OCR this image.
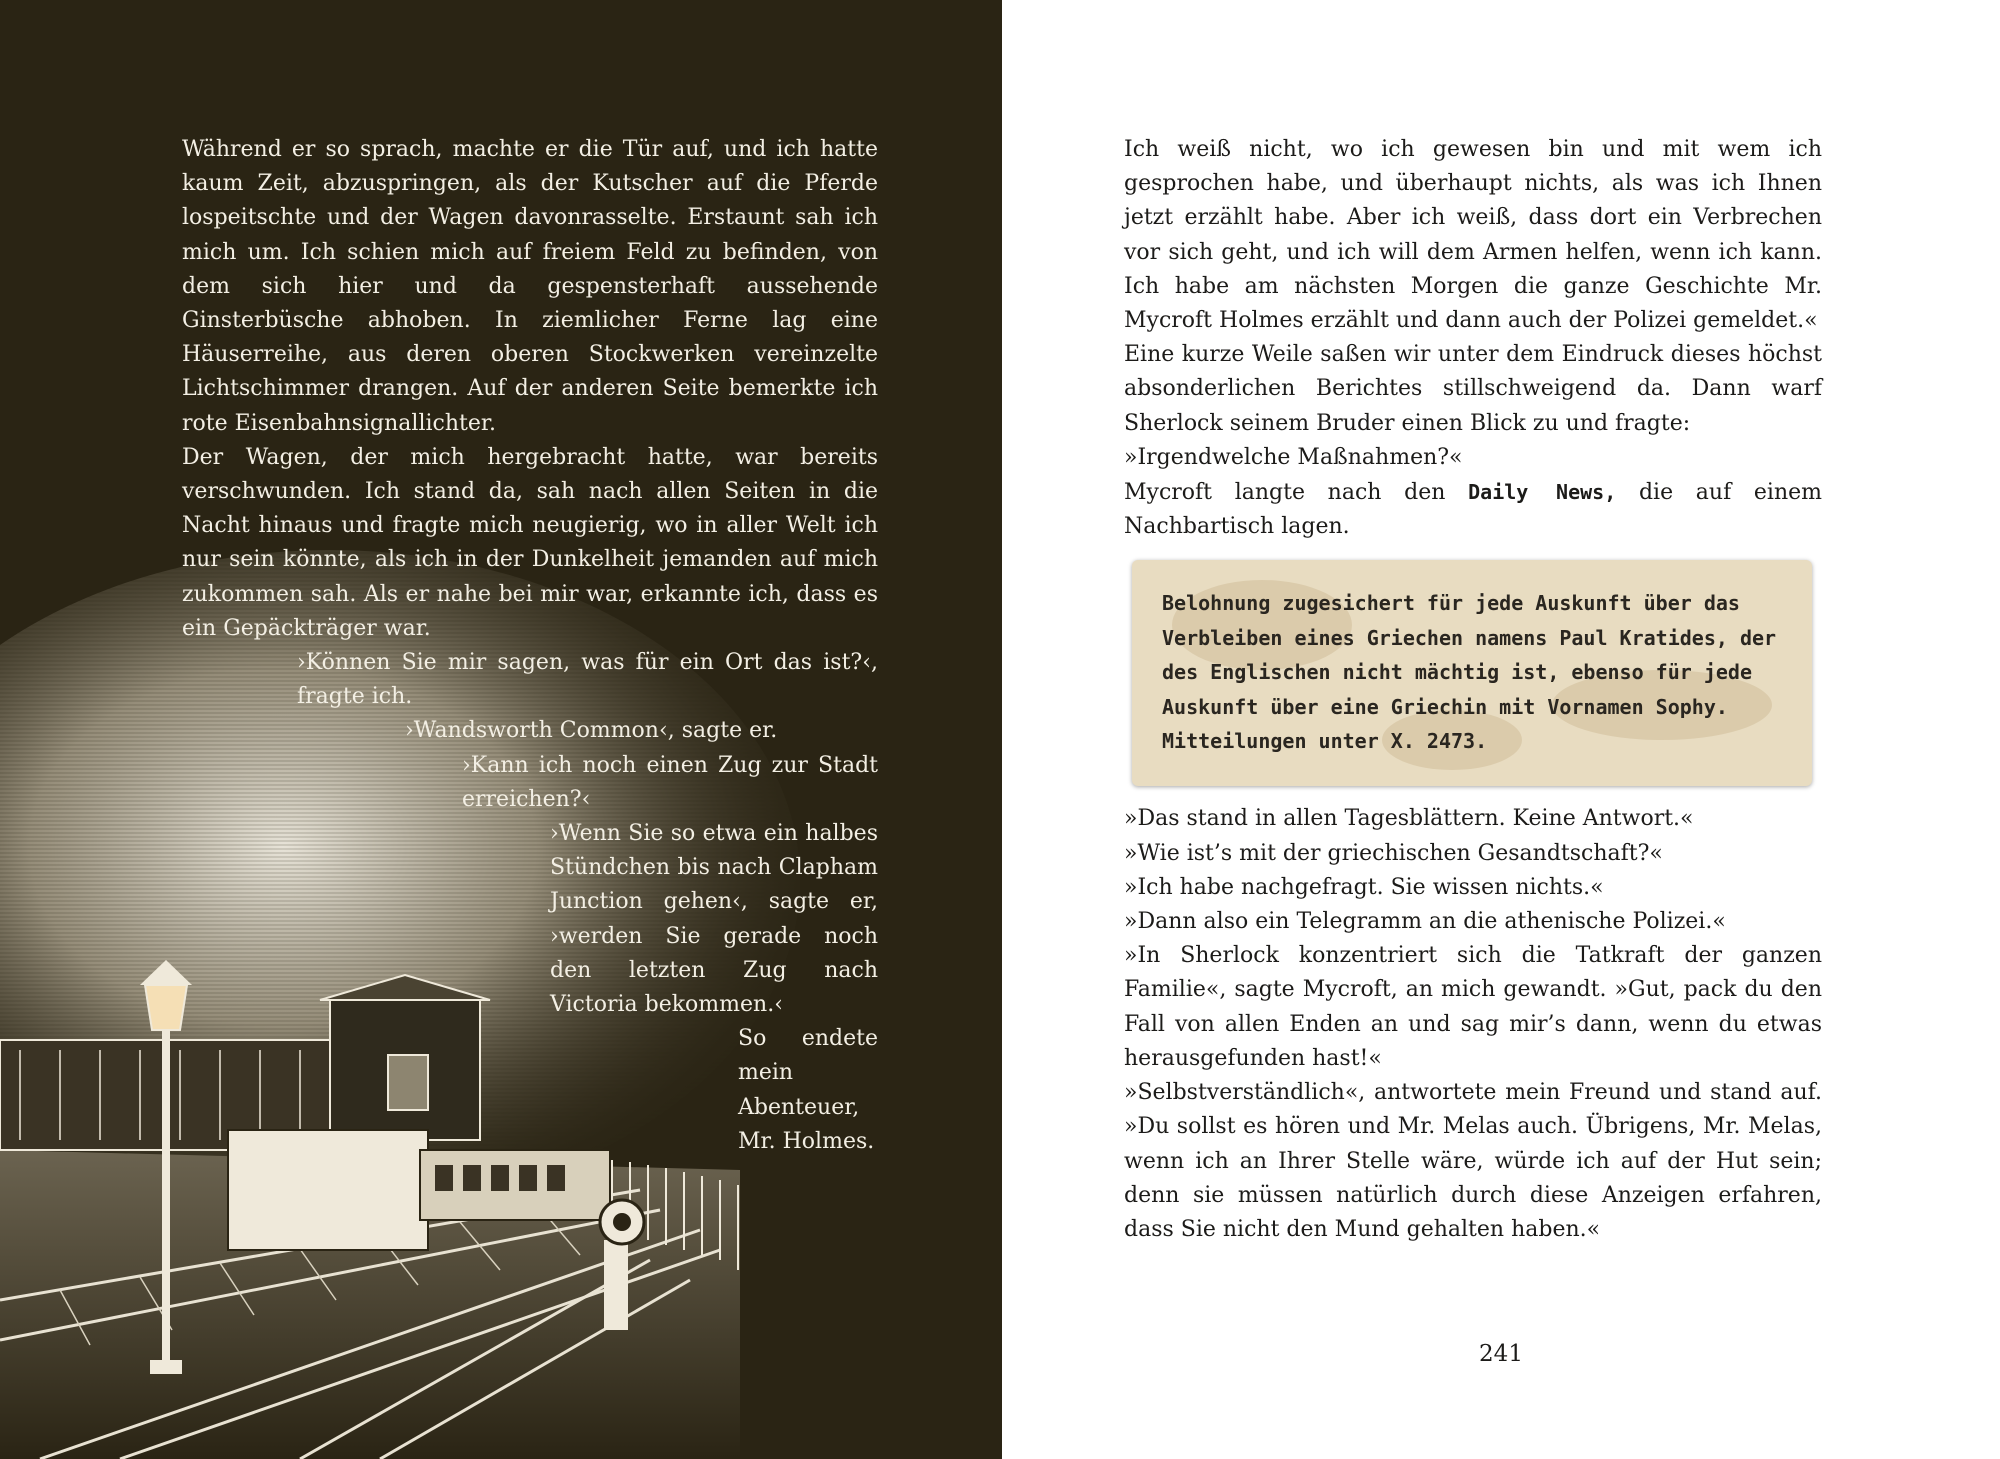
Während er so sprach, machte er die Tür auf, und ich hatte kaum Zeit, abzuspringen, als der Kutscher auf die Pferde lospeitschte und der Wagen davonrasselte. Erstaunt sah ich mich um. Ich schien mich auf freiem Feld zu befinden, von dem sich hier und da gespensterhaft aussehende Ginsterbüsche abhoben. In ziemlicher Ferne lag eine Häuserreihe, aus deren oberen Stockwerken vereinzelte Lichtschimmer drangen. Auf der anderen Seite bemerkte ich rote Eisenbahnsignallichter.

Der Wagen, der mich hergebracht hatte, war bereits verschwunden. Ich stand da, sah nach allen Seiten in die Nacht hinaus und fragte mich neugierig, wo in aller Welt ich nur sein könnte, als ich in der Dunkelheit jemanden auf mich zukommen sah. Als er nahe bei mir war, erkannte ich, dass es ein Gepäckträger war.

›Können Sie mir sagen, was für ein Ort das ist?‹, fragte ich.

›Wandsworth Common‹, sagte er.

›Kann ich noch einen Zug zur Stadt erreichen?‹

›Wenn Sie so etwa ein halbes Stündchen bis nach Clapham Junction gehen‹, sagte er, ›werden Sie gerade noch den letzten Zug nach Victoria bekommen.‹

So endete mein Abenteuer, Mr. Holmes.

Ich weiß nicht, wo ich gewesen bin und mit wem ich gesprochen habe, und überhaupt nichts, als was ich Ihnen jetzt erzählt habe. Aber ich weiß, dass dort ein Verbrechen vor sich geht, und ich will dem Armen helfen, wenn ich kann. Ich habe am nächsten Morgen die ganze Geschichte Mr. Mycroft Holmes erzählt und dann auch der Polizei gemeldet.«

Eine kurze Weile saßen wir unter dem Eindruck dieses höchst absonderlichen Berichtes stillschweigend da. Dann warf Sherlock seinem Bruder einen Blick zu und fragte:

»Irgendwelche Maßnahmen?«

Mycroft langte nach den Daily News, die auf einem Nachbartisch lagen.

Belohnung zugesichert für jede Auskunft über das Verbleiben eines Griechen namens Paul Kratides, der des Englischen nicht mächtig ist, ebenso für jede Auskunft über eine Griechin mit Vornamen Sophy. Mitteilungen unter X. 2473.

»Das stand in allen Tagesblättern. Keine Antwort.«

»Wie ist’s mit der griechischen Gesandtschaft?«

»Ich habe nachgefragt. Sie wissen nichts.«

»Dann also ein Telegramm an die athenische Polizei.«

»In Sherlock konzentriert sich die Tatkraft der ganzen Familie«, sagte Mycroft, an mich gewandt. »Gut, pack du den Fall von allen Enden an und sag mir’s dann, wenn du etwas herausgefunden hast!«

»Selbstverständlich«, antwortete mein Freund und stand auf. »Du sollst es hören und Mr. Melas auch. Übrigens, Mr. Melas, wenn ich an Ihrer Stelle wäre, würde ich auf der Hut sein; denn sie müssen natürlich durch diese Anzeigen erfahren, dass Sie nicht den Mund gehalten haben.«

241
